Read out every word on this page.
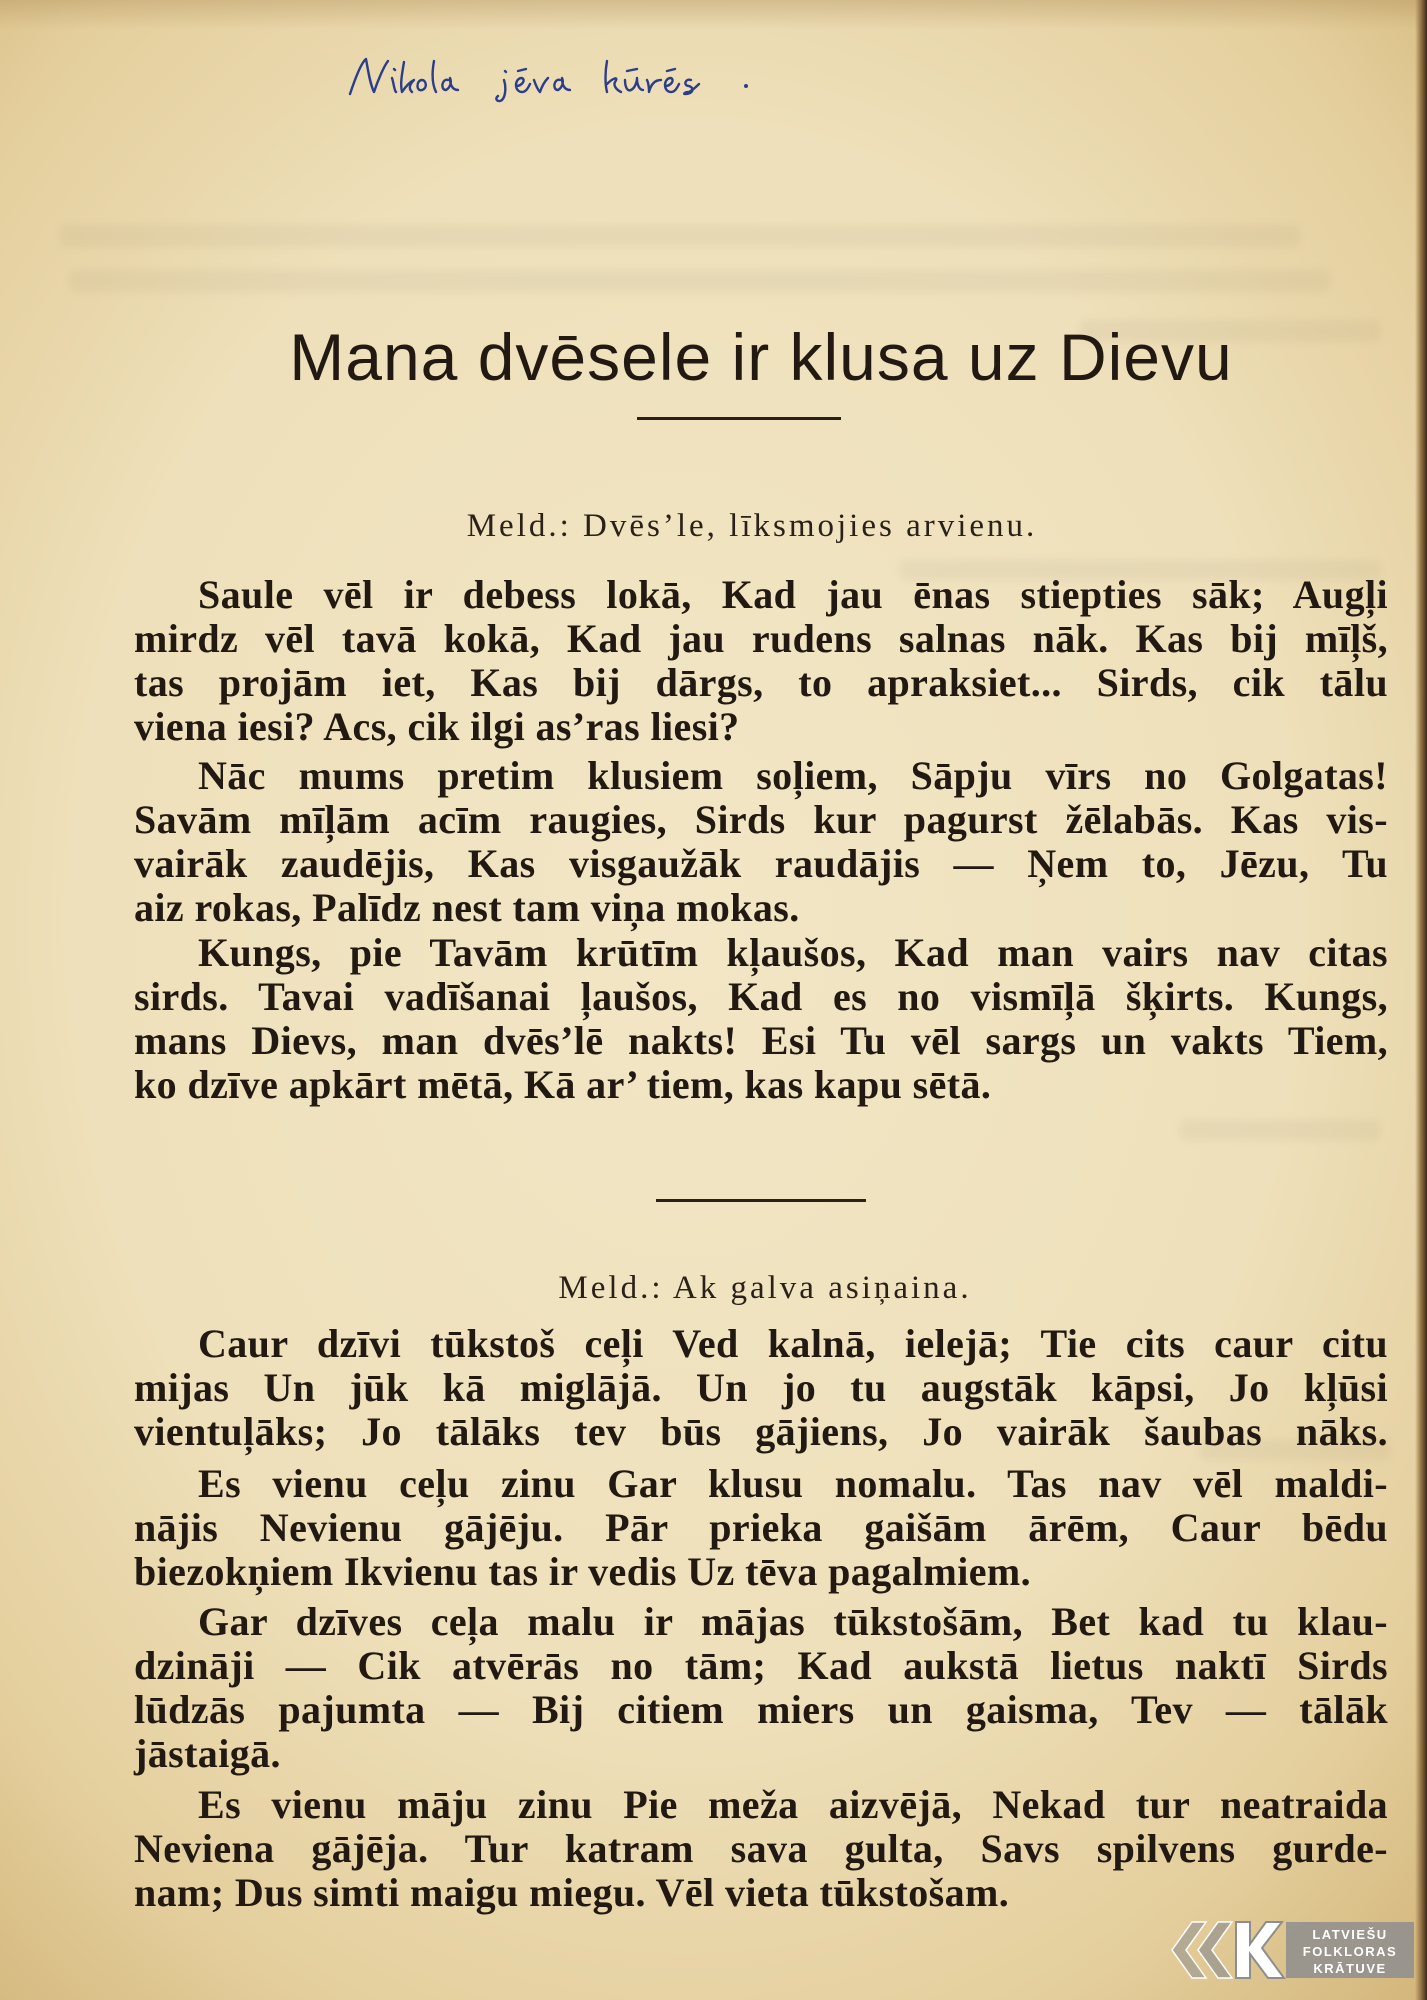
Mana dvēsele ir klusa uz Dievu
Meld.: Dvēs’le, līksmojies arvienu.
Saule vēl ir debess lokā, Kad jau ēnas stiepties sāk; Augļi
mirdz vēl tavā kokā, Kad jau rudens salnas nāk. Kas bij mīļš,
tas projām iet, Kas bij dārgs, to apraksiet... Sirds, cik tālu
viena iesi? Acs, cik ilgi as’ras liesi?
Nāc mums pretim klusiem soļiem, Sāpju vīrs no Golgatas!
Savām mīļām acīm raugies, Sirds kur pagurst žēlabās. Kas vis-
vairāk zaudējis, Kas visgaužāk raudājis — Ņem to, Jēzu, Tu
aiz rokas, Palīdz nest tam viņa mokas.
Kungs, pie Tavām krūtīm kļaušos, Kad man vairs nav citas
sirds. Tavai vadīšanai ļaušos, Kad es no vismīļā šķirts. Kungs,
mans Dievs, man dvēs’lē nakts! Esi Tu vēl sargs un vakts Tiem,
ko dzīve apkārt mētā, Kā ar’ tiem, kas kapu sētā.
Meld.: Ak galva asiņaina.
Caur dzīvi tūkstoš ceļi Ved kalnā, ielejā; Tie cits caur citu
mijas Un jūk kā miglājā. Un jo tu augstāk kāpsi, Jo kļūsi
vientuļāks; Jo tālāks tev būs gājiens, Jo vairāk šaubas nāks.
Es vienu ceļu zinu Gar klusu nomalu. Tas nav vēl maldi-
nājis Nevienu gājēju. Pār prieka gaišām ārēm, Caur bēdu
biezokņiem Ikvienu tas ir vedis Uz tēva pagalmiem.
Gar dzīves ceļa malu ir mājas tūkstošām, Bet kad tu klau-
dzināji — Cik atvērās no tām; Kad aukstā lietus naktī Sirds
lūdzās pajumta — Bij citiem miers un gaisma, Tev — tālāk
jāstaigā.
Es vienu māju zinu Pie meža aizvējā, Nekad tur neatraida
Neviena gājēja. Tur katram sava gulta, Savs spilvens gurde-
nam; Dus simti maigu miegu. Vēl vieta tūkstošam.
LATVIEŠU
FOLKLORAS
KRĀTUVE
